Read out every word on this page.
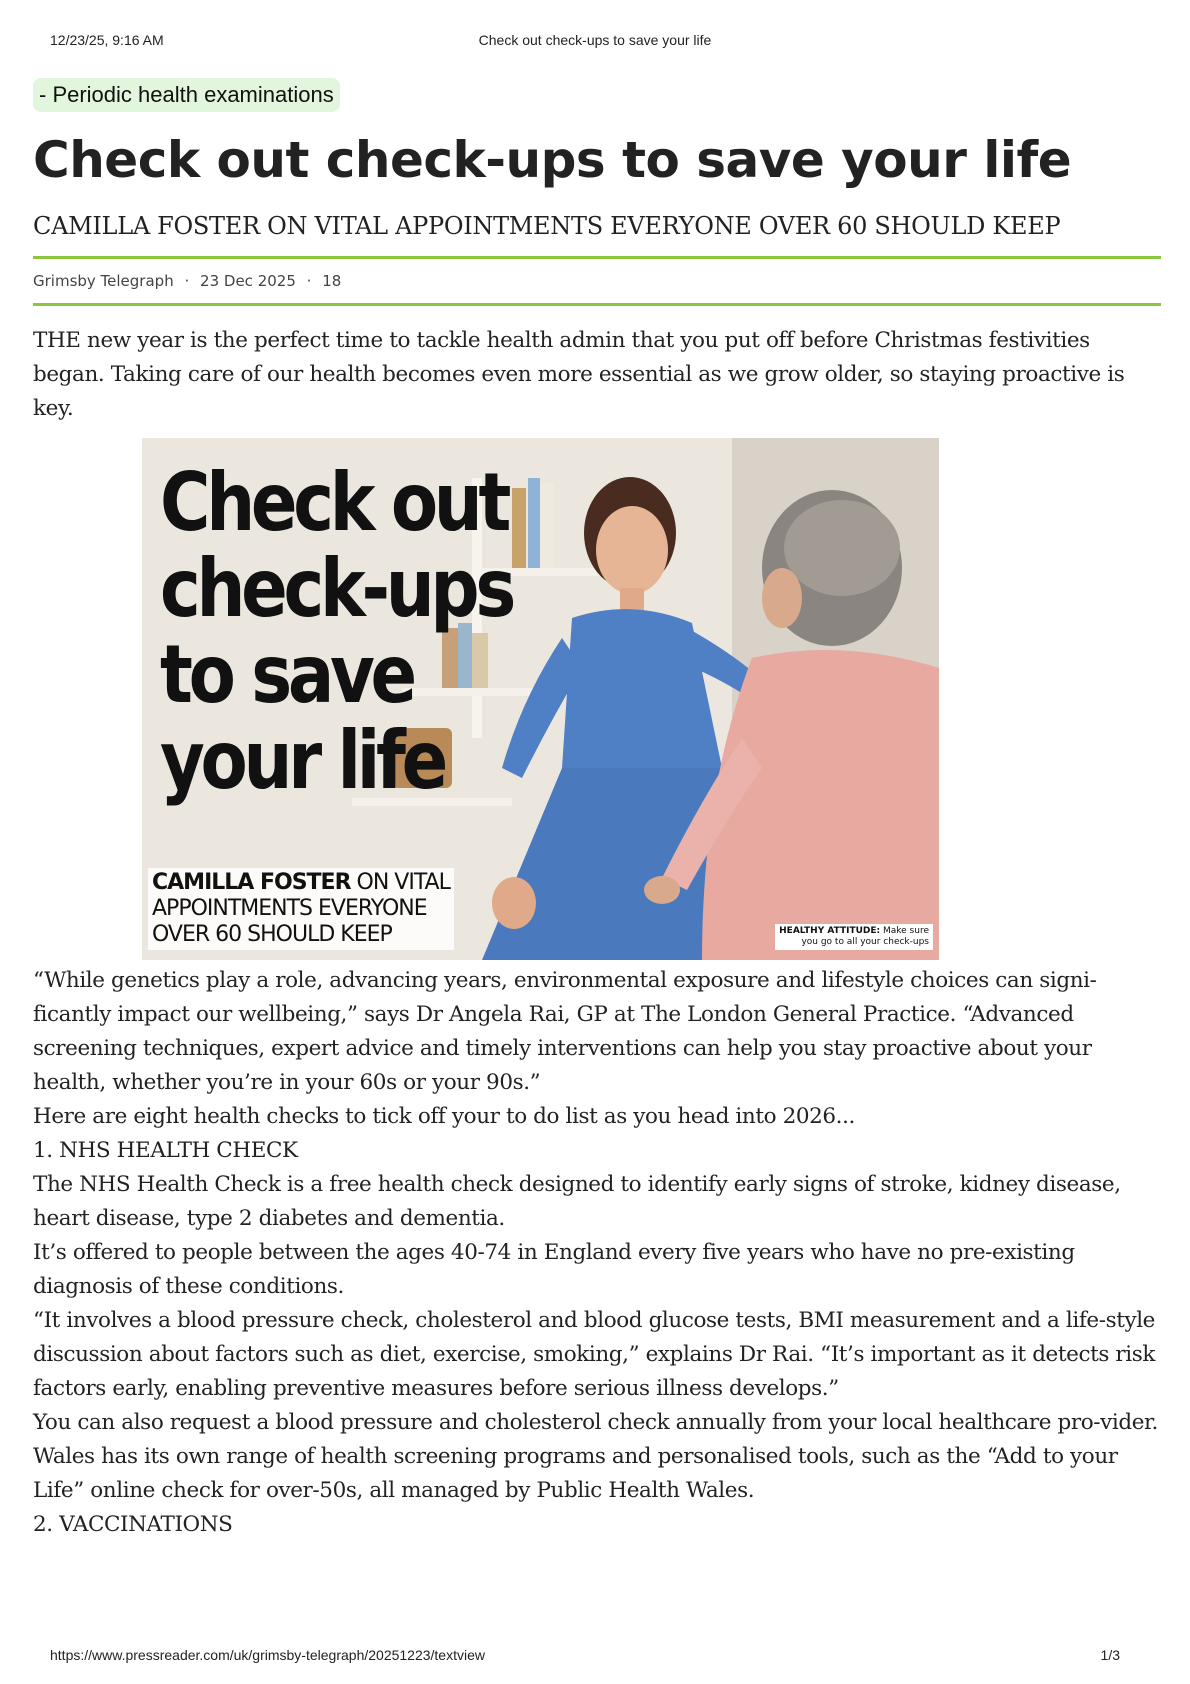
12/23/25, 9:16 AM	Check out check-ups to save your life
- Periodic health examinations
Check out check-ups to save your life

CAMILLA FOSTER ON VITAL APPOINTMENTS EVERYONE OVER 60 SHOULD KEEP

Grimsby Telegraph · 23 Dec 2025 · 18

THE new year is the perfect time to tackle health admin that you put off before Christmas festivities began. Taking care of our health becomes even more essential as we grow older, so staying proactive is key.

Check out
check-ups
to save
your life
CAMILLA FOSTER ON VITAL
APPOINTMENTS EVERYONE
OVER 60 SHOULD KEEP	HEALTHY ATTITUDE: Make sure
you go to all your check-ups

“While genetics play a role, advancing years, environmental exposure and lifestyle choices can signi-ficantly impact our wellbeing,” says Dr Angela Rai, GP at The London General Practice. “Advanced screening techniques, expert advice and timely interventions can help you stay proactive about your health, whether you’re in your 60s or your 90s.”

Here are eight health checks to tick off your to do list as you head into 2026...

1. NHS HEALTH CHECK

The NHS Health Check is a free health check designed to identify early signs of stroke, kidney disease, heart disease, type 2 diabetes and dementia.

It’s offered to people between the ages 40-74 in England every five years who have no pre-existing diagnosis of these conditions.

“It involves a blood pressure check, cholesterol and blood glucose tests, BMI measurement and a life-style discussion about factors such as diet, exercise, smoking,” explains Dr Rai. “It’s important as it detects risk factors early, enabling preventive measures before serious illness develops.”

You can also request a blood pressure and cholesterol check annually from your local healthcare pro-vider.

Wales has its own range of health screening programs and personalised tools, such as the “Add to your Life” online check for over-50s, all managed by Public Health Wales.

2. VACCINATIONS

https://www.pressreader.com/uk/grimsby-telegraph/20251223/textview	1/3
